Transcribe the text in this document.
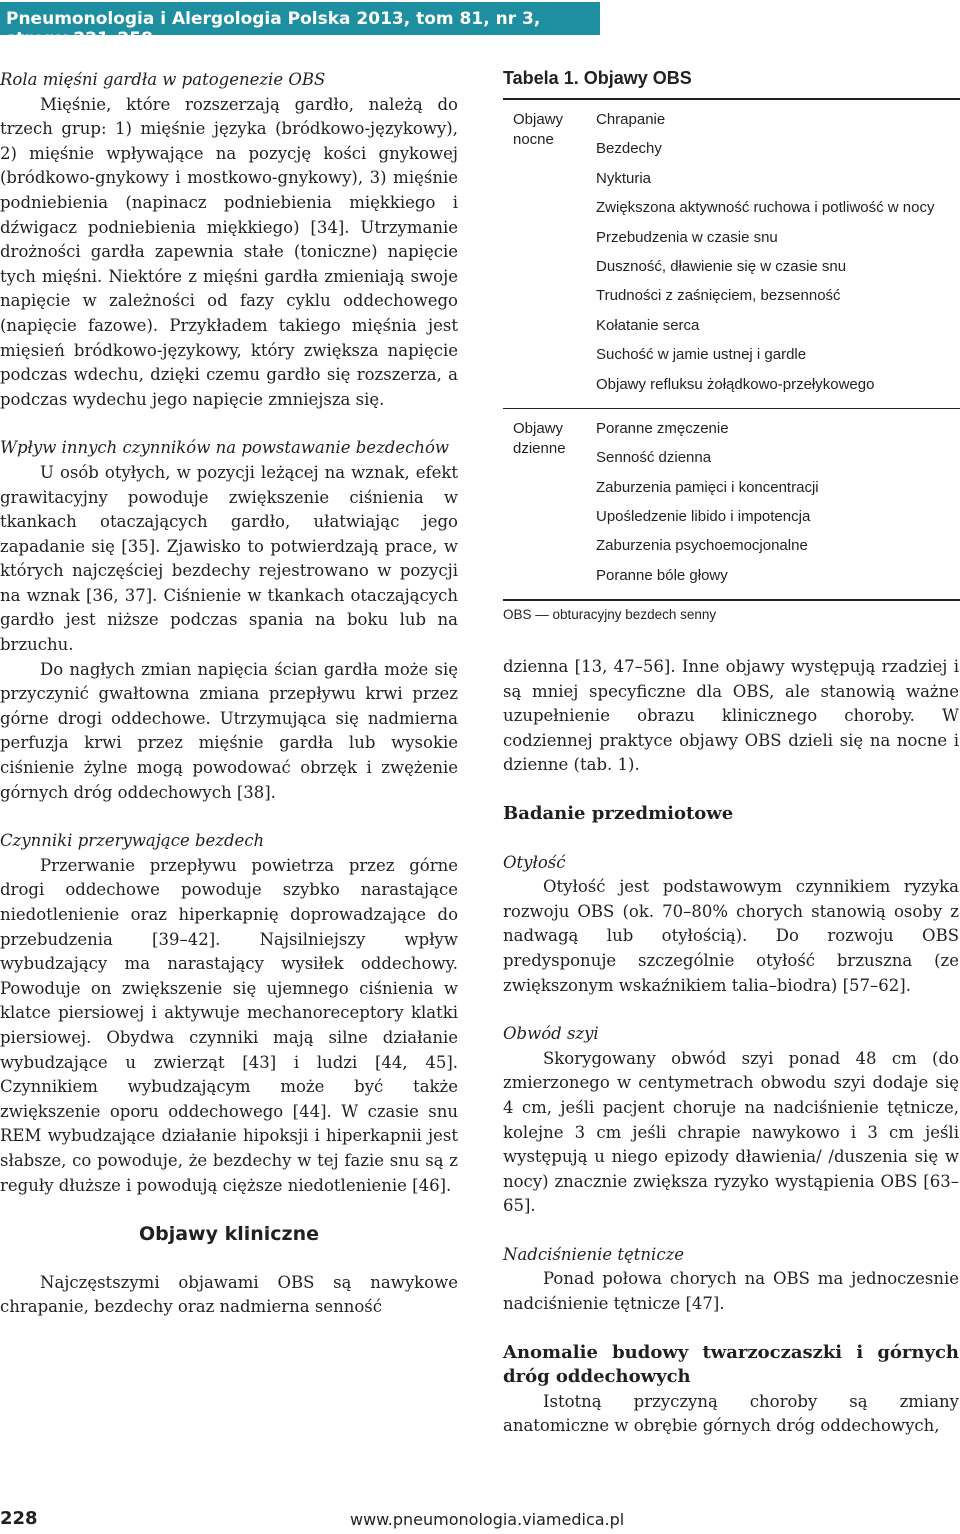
Pneumonologia i Alergologia Polska 2013, tom 81, nr 3, strony 221–258

Rola mięśni gardła w patogenezie OBS

Mięśnie, które rozszerzają gardło, należą do trzech grup: 1) mięśnie języka (bródkowo-językowy), 2) mięśnie wpływające na pozycję kości gnykowej (bródkowo-gnykowy i mostkowo-gnykowy), 3) mięśnie podniebienia (napinacz podniebienia miękkiego i dźwigacz podniebienia miękkiego) [34]. Utrzymanie drożności gardła zapewnia stałe (toniczne) napięcie tych mięśni. Niektóre z mięśni gardła zmieniają swoje napięcie w zależności od fazy cyklu oddechowego (napięcie fazowe). Przykładem takiego mięśnia jest mięsień bródkowo-językowy, który zwiększa napięcie podczas wdechu, dzięki czemu gardło się rozszerza, a podczas wydechu jego napięcie zmniejsza się.

Wpływ innych czynników na powstawanie bezdechów

U osób otyłych, w pozycji leżącej na wznak, efekt grawitacyjny powoduje zwiększenie ciśnienia w tkankach otaczających gardło, ułatwiając jego zapadanie się [35]. Zjawisko to potwierdzają prace, w których najczęściej bezdechy rejestrowano w pozycji na wznak [36, 37]. Ciśnienie w tkankach otaczających gardło jest niższe podczas spania na boku lub na brzuchu.

Do nagłych zmian napięcia ścian gardła może się przyczynić gwałtowna zmiana przepływu krwi przez górne drogi oddechowe. Utrzymująca się nadmierna perfuzja krwi przez mięśnie gardła lub wysokie ciśnienie żylne mogą powodować obrzęk i zwężenie górnych dróg oddechowych [38].

Czynniki przerywające bezdech

Przerwanie przepływu powietrza przez górne drogi oddechowe powoduje szybko narastające niedotlenienie oraz hiperkapnię doprowadzające do przebudzenia [39–42]. Najsilniejszy wpływ wybudzający ma narastający wysiłek oddechowy. Powoduje on zwiększenie się ujemnego ciśnienia w klatce piersiowej i aktywuje mechanoreceptory klatki piersiowej. Obydwa czynniki mają silne działanie wybudzające u zwierząt [43] i ludzi [44, 45]. Czynnikiem wybudzającym może być także zwiększenie oporu oddechowego [44]. W czasie snu REM wybudzające działanie hipoksji i hiperkapnii jest słabsze, co powoduje, że bezdechy w tej fazie snu są z reguły dłuższe i powodują cięższe niedotlenienie [46].

Objawy kliniczne

Najczęstszymi objawami OBS są nawykowe chrapanie, bezdechy oraz nadmierna senność

Tabela 1. Objawy OBS
Objawy nocne
Chrapanie
Bezdechy
Nykturia
Zwiększona aktywność ruchowa i potliwość w nocy
Przebudzenia w czasie snu
Duszność, dławienie się w czasie snu
Trudności z zaśnięciem, bezsenność
Kołatanie serca
Suchość w jamie ustnej i gardle
Objawy refluksu żołądkowo-przełykowego
Objawy dzienne
Poranne zmęczenie
Senność dzienna
Zaburzenia pamięci i koncentracji
Upośledzenie libido i impotencja
Zaburzenia psychoemocjonalne
Poranne bóle głowy
OBS — obturacyjny bezdech senny

dzienna [13, 47–56]. Inne objawy występują rzadziej i są mniej specyficzne dla OBS, ale stanowią ważne uzupełnienie obrazu klinicznego choroby. W codziennej praktyce objawy OBS dzieli się na nocne i dzienne (tab. 1).

Badanie przedmiotowe

Otyłość

Otyłość jest podstawowym czynnikiem ryzyka rozwoju OBS (ok. 70–80% chorych stanowią osoby z nadwagą lub otyłością). Do rozwoju OBS predysponuje szczególnie otyłość brzuszna (ze zwiększonym wskaźnikiem talia–biodra) [57–62].

Obwód szyi

Skorygowany obwód szyi ponad 48 cm (do zmierzonego w centymetrach obwodu szyi dodaje się 4 cm, jeśli pacjent choruje na nadciśnienie tętnicze, kolejne 3 cm jeśli chrapie nawykowo i 3 cm jeśli występują u niego epizody dławienia/ /duszenia się w nocy) znacznie zwiększa ryzyko wystąpienia OBS [63–65].

Nadciśnienie tętnicze

Ponad połowa chorych na OBS ma jednoczesnie nadciśnienie tętnicze [47].

Anomalie budowy twarzoczaszki i górnych dróg oddechowych

Istotną przyczyną choroby są zmiany anatomiczne w obrębie górnych dróg oddechowych,

228	www.pneumonologia.viamedica.pl
